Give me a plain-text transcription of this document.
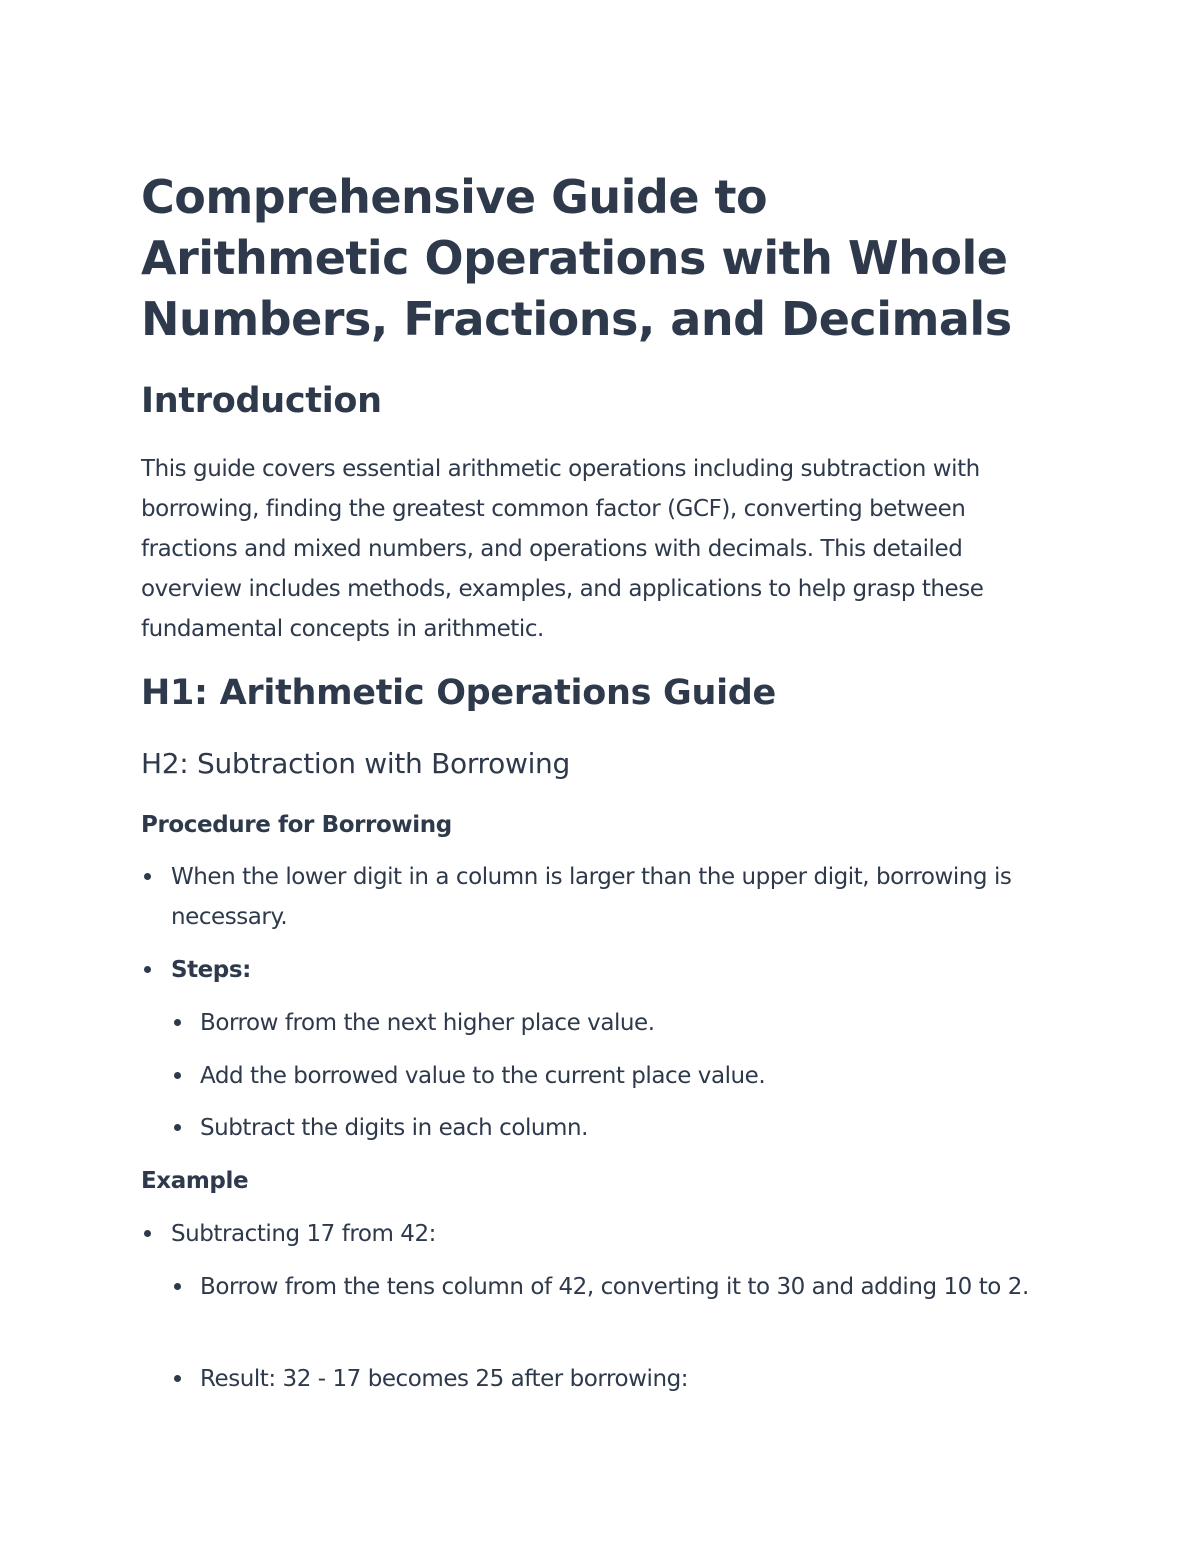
Comprehensive Guide to Arithmetic Operations with Whole Numbers, Fractions, and Decimals
Introduction

This guide covers essential arithmetic operations including subtraction with borrowing, finding the greatest common factor (GCF), converting between fractions and mixed numbers, and operations with decimals. This detailed overview includes methods, examples, and applications to help grasp these fundamental concepts in arithmetic.

H1: Arithmetic Operations Guide
H2: Subtraction with Borrowing
Procedure for Borrowing

When the lower digit in a column is larger than the upper digit, borrowing is necessary.

Steps:

Borrow from the next higher place value.

Add the borrowed value to the current place value.

Subtract the digits in each column.

Example

Subtracting 17 from 42:

Borrow from the tens column of 42, converting it to 30 and adding 10 to 2.

Result: 32 - 17 becomes 25 after borrowing:
